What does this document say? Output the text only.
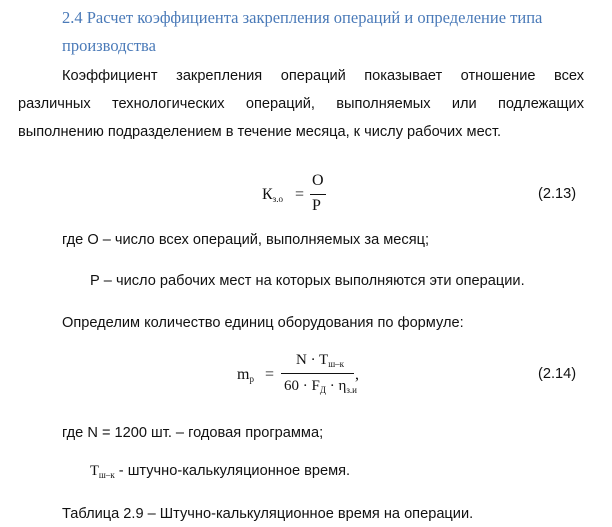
2.4 Расчет коэффициента закрепления операций и определение типа
производства
Коэффициент закрепления операций показывает отношение всех
различных технологических операций, выполняемых или подлежащих
выполнению подразделением в течение месяца, к числу рабочих мест.
$К_{з.о}$ =
О
Р
(2.13)
где О – число всех операций, выполняемых за месяц;
Р – число рабочих мест на которых выполняются эти операции.
Определим количество единиц оборудования по формуле:
$m_р$ =
$N \cdot T_{ш-к}$
$60 \cdot F_Д \cdot \eta_{з.и}$
,	(2.14)
где N = 1200 шт. – годовая программа;
$T_{ш-к}$ - штучно-калькуляционное время.
Таблица 2.9 – Штучно-калькуляционное время на операции.
